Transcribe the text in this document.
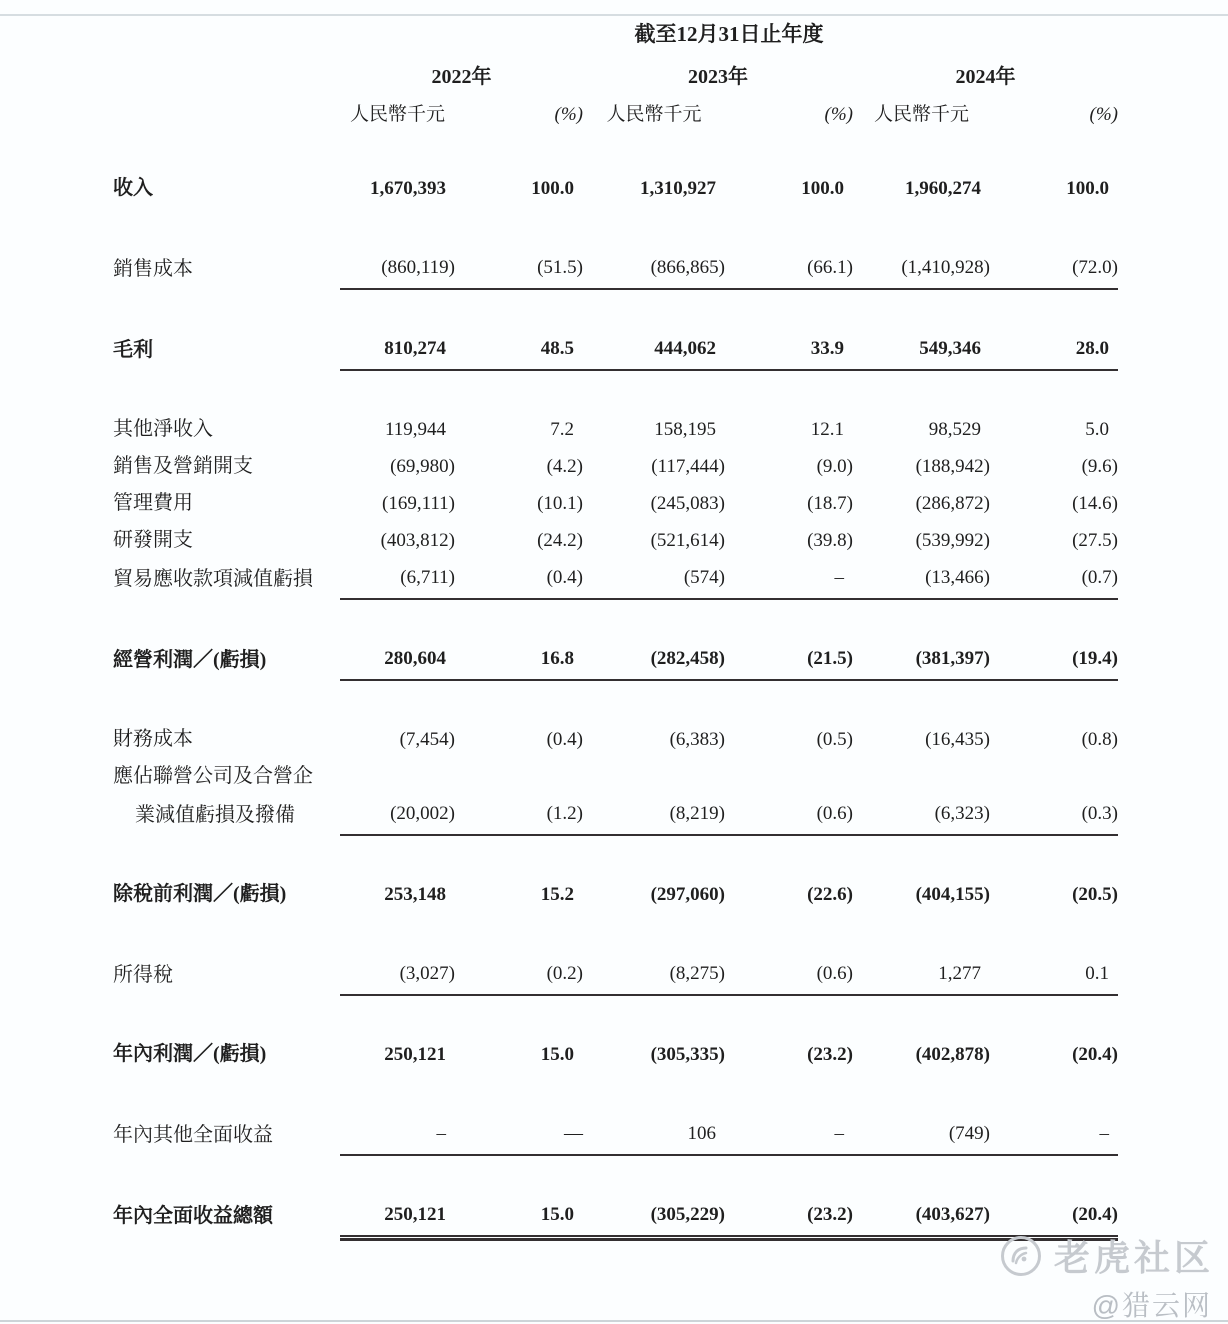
	截至12月31日止年度					
	2022年		2023年		2024年	
	人民幣千元	(%)	人民幣千元	(%)	人民幣千元	(%)

收入	1,670,393	100.0	1,310,927	100.0	1,960,274	100.0

銷售成本	(860,119)	(51.5)	(866,865)	(66.1)	(1,410,928)	(72.0)

毛利	810,274	48.5	444,062	33.9	549,346	28.0

其他淨收入	119,944	7.2	158,195	12.1	98,529	5.0

銷售及營銷開支	(69,980)	(4.2)	(117,444)	(9.0)	(188,942)	(9.6)

管理費用	(169,111)	(10.1)	(245,083)	(18.7)	(286,872)	(14.6)

研發開支	(403,812)	(24.2)	(521,614)	(39.8)	(539,992)	(27.5)

貿易應收款項減值虧損	(6,711)	(0.4)	(574)	–	(13,466)	(0.7)

經營利潤／(虧損)	280,604	16.8	(282,458)	(21.5)	(381,397)	(19.4)

財務成本	(7,454)	(0.4)	(6,383)	(0.5)	(16,435)	(0.8)

應佔聯營公司及合營企	

業減值虧損及撥備	(20,002)	(1.2)	(8,219)	(0.6)	(6,323)	(0.3)

除稅前利潤／(虧損)	253,148	15.2	(297,060)	(22.6)	(404,155)	(20.5)

所得稅	(3,027)	(0.2)	(8,275)	(0.6)	1,277	0.1

年內利潤／(虧損)	250,121	15.0	(305,335)	(23.2)	(402,878)	(20.4)

年內其他全面收益	–	—	106	–	(749)	–

年內全面收益總額	250,121	15.0	(305,229)	(23.2)	(403,627)	(20.4)
老虎社区
@猎云网
